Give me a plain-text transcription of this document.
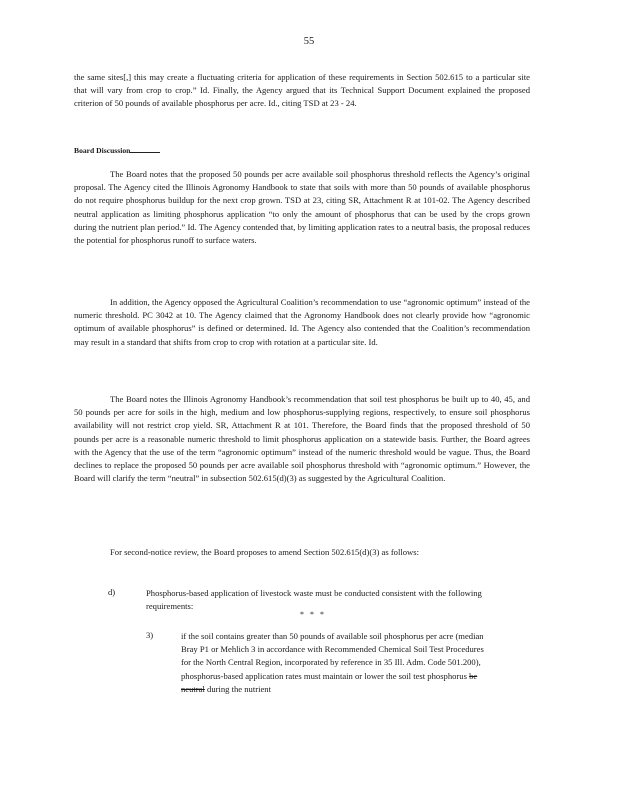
55

the same sites[,] this may create a fluctuating criteria for application of these requirements in Section 502.615 to a particular site that will vary from crop to crop.” Id. Finally, the Agency argued that its Technical Support Document explained the proposed criterion of 50 pounds of available phosphorus per acre. Id., citing TSD at 23 - 24.

Board Discussion

The Board notes that the proposed 50 pounds per acre available soil phosphorus threshold reflects the Agency’s original proposal. The Agency cited the Illinois Agronomy Handbook to state that soils with more than 50 pounds of available phosphorus do not require phosphorus buildup for the next crop grown. TSD at 23, citing SR, Attachment R at 101-02. The Agency described neutral application as limiting phosphorus application “to only the amount of phosphorus that can be used by the crops grown during the nutrient plan period.” Id. The Agency contended that, by limiting application rates to a neutral basis, the proposal reduces the potential for phosphorus runoff to surface waters.

In addition, the Agency opposed the Agricultural Coalition’s recommendation to use “agronomic optimum” instead of the numeric threshold. PC 3042 at 10. The Agency claimed that the Agronomy Handbook does not clearly provide how “agronomic optimum of available phosphorus” is defined or determined. Id. The Agency also contended that the Coalition’s recommendation may result in a standard that shifts from crop to crop with rotation at a particular site. Id.

The Board notes the Illinois Agronomy Handbook’s recommendation that soil test phosphorus be built up to 40, 45, and 50 pounds per acre for soils in the high, medium and low phosphorus-supplying regions, respectively, to ensure soil phosphorus availability will not restrict crop yield. SR, Attachment R at 101. Therefore, the Board finds that the proposed threshold of 50 pounds per acre is a reasonable numeric threshold to limit phosphorus application on a statewide basis. Further, the Board agrees with the Agency that the use of the term “agronomic optimum” instead of the numeric threshold would be vague. Thus, the Board declines to replace the proposed 50 pounds per acre available soil phosphorus threshold with “agronomic optimum.” However, the Board will clarify the term “neutral” in subsection 502.615(d)(3) as suggested by the Agricultural Coalition.

For second-notice review, the Board proposes to amend Section 502.615(d)(3) as follows:

d)	Phosphorus-based application of livestock waste must be conducted consistent with the following requirements:
* * *
3)	if the soil contains greater than 50 pounds of available soil phosphorus per acre (median Bray P1 or Mehlich 3 in accordance with Recommended Chemical Soil Test Procedures for the North Central Region, incorporated by reference in 35 Ill. Adm. Code 501.200), phosphorus-based application rates must maintain or lower the soil test phosphorus be neutral during the nutrient
